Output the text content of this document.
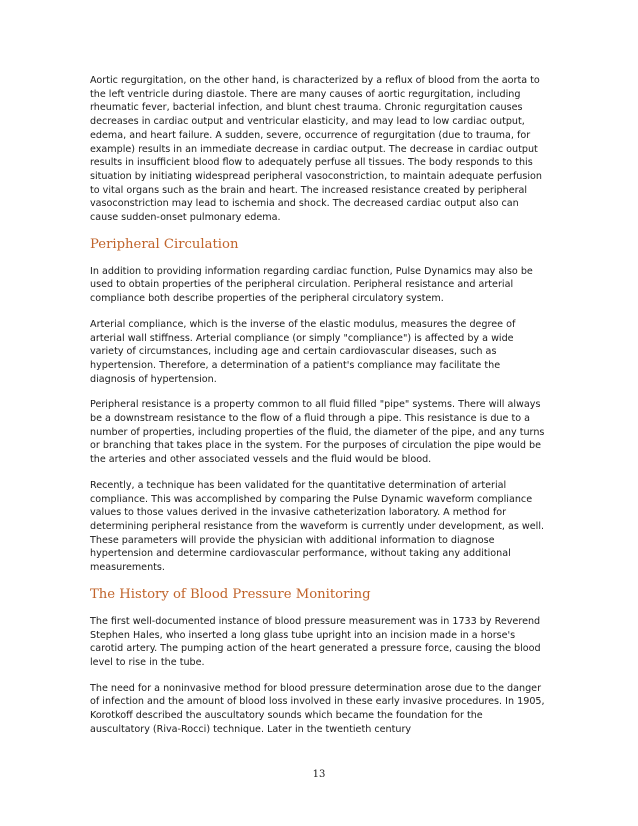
Aortic regurgitation, on the other hand, is characterized by a reflux of blood from the aorta to the left ventricle during diastole. There are many causes of aortic regurgitation, including rheumatic fever, bacterial infection, and blunt chest trauma. Chronic regurgitation causes decreases in cardiac output and ventricular elasticity, and may lead to low cardiac output, edema, and heart failure. A sudden, severe, occurrence of regurgitation (due to trauma, for example) results in an immediate decrease in cardiac output. The decrease in cardiac output results in insufficient blood flow to adequately perfuse all tissues. The body responds to this situation by initiating widespread peripheral vasoconstriction, to maintain adequate perfusion to vital organs such as the brain and heart. The increased resistance created by peripheral vasoconstriction may lead to ischemia and shock. The decreased cardiac output also can cause sudden-onset pulmonary edema.

Peripheral Circulation

In addition to providing information regarding cardiac function, Pulse Dynamics may also be used to obtain properties of the peripheral circulation. Peripheral resistance and arterial compliance both describe properties of the peripheral circulatory system.

Arterial compliance, which is the inverse of the elastic modulus, measures the degree of arterial wall stiffness. Arterial compliance (or simply "compliance") is affected by a wide variety of circumstances, including age and certain cardiovascular diseases, such as hypertension. Therefore, a determination of a patient's compliance may facilitate the diagnosis of hypertension.

Peripheral resistance is a property common to all fluid filled "pipe" systems. There will always be a downstream resistance to the flow of a fluid through a pipe. This resistance is due to a number of properties, including properties of the fluid, the diameter of the pipe, and any turns or branching that takes place in the system. For the purposes of circulation the pipe would be the arteries and other associated vessels and the fluid would be blood.

Recently, a technique has been validated for the quantitative determination of arterial compliance. This was accomplished by comparing the Pulse Dynamic waveform compliance values to those values derived in the invasive catheterization laboratory. A method for determining peripheral resistance from the waveform is currently under development, as well. These parameters will provide the physician with additional information to diagnose hypertension and determine cardiovascular performance, without taking any additional measurements.

The History of Blood Pressure Monitoring

The first well-documented instance of blood pressure measurement was in 1733 by Reverend Stephen Hales, who inserted a long glass tube upright into an incision made in a horse's carotid artery. The pumping action of the heart generated a pressure force, causing the blood level to rise in the tube.

The need for a noninvasive method for blood pressure determination arose due to the danger of infection and the amount of blood loss involved in these early invasive procedures. In 1905, Korotkoff described the auscultatory sounds which became the foundation for the auscultatory (Riva-Rocci) technique. Later in the twentieth century

13
